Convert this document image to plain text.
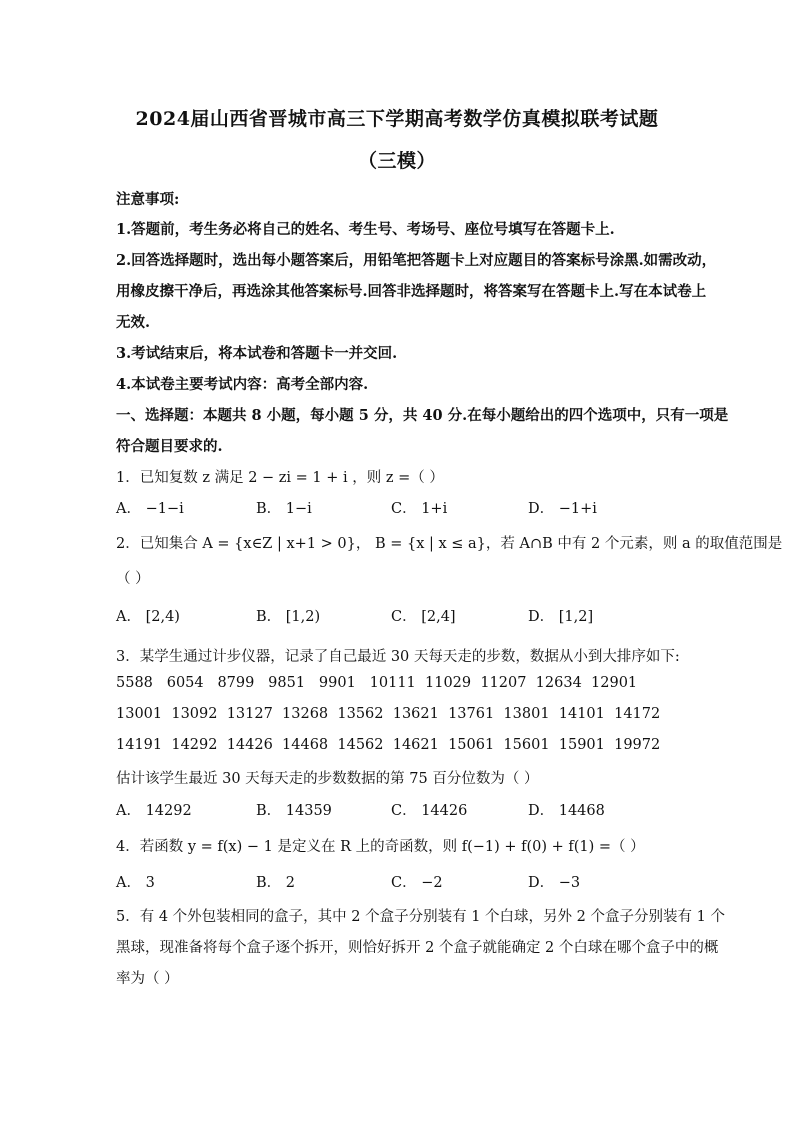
2024届山西省晋城市高三下学期高考数学仿真模拟联考试题
（三模）
注意事项:
1.答题前，考生务必将自己的姓名、考生号、考场号、座位号填写在答题卡上.
2.回答选择题时，选出每小题答案后，用铅笔把答题卡上对应题目的答案标号涂黑.如需改动，
用橡皮擦干净后，再选涂其他答案标号.回答非选择题时，将答案写在答题卡上.写在本试卷上
无效.
3.考试结束后，将本试卷和答题卡一并交回.
4.本试卷主要考试内容：高考全部内容.
一、选择题：本题共 8 小题，每小题 5 分，共 40 分.在每小题给出的四个选项中，只有一项是
符合题目要求的.
1．已知复数 z 满足 2 − zi = 1 + i ，则 z =（ ）
A． −1−i	B． 1−i	C． 1+i	D． −1+i
2．已知集合 A = {x∈Z | x+1 > 0}， B = {x | x ≤ a}，若 A∩B 中有 2 个元素，则 a 的取值范围是
（ ）
A． [2,4)	B． [1,2)	C． [2,4]	D． [1,2]
3．某学生通过计步仪器，记录了自己最近 30 天每天走的步数，数据从小到大排序如下:
5588   6054   8799   9851   9901   10111  11029  11207  12634  12901
13001  13092  13127  13268  13562  13621  13761  13801  14101  14172
14191  14292  14426  14468  14562  14621  15061  15601  15901  19972
估计该学生最近 30 天每天走的步数数据的第 75 百分位数为（ ）
A． 14292	B． 14359	C． 14426	D． 14468
4．若函数 y = f(x) − 1 是定义在 R 上的奇函数，则 f(−1) + f(0) + f(1) =（ ）
A． 3	B． 2	C． −2	D． −3
5．有 4 个外包装相同的盒子，其中 2 个盒子分别装有 1 个白球，另外 2 个盒子分别装有 1 个
黑球，现准备将每个盒子逐个拆开，则恰好拆开 2 个盒子就能确定 2 个白球在哪个盒子中的概
率为（ ）
